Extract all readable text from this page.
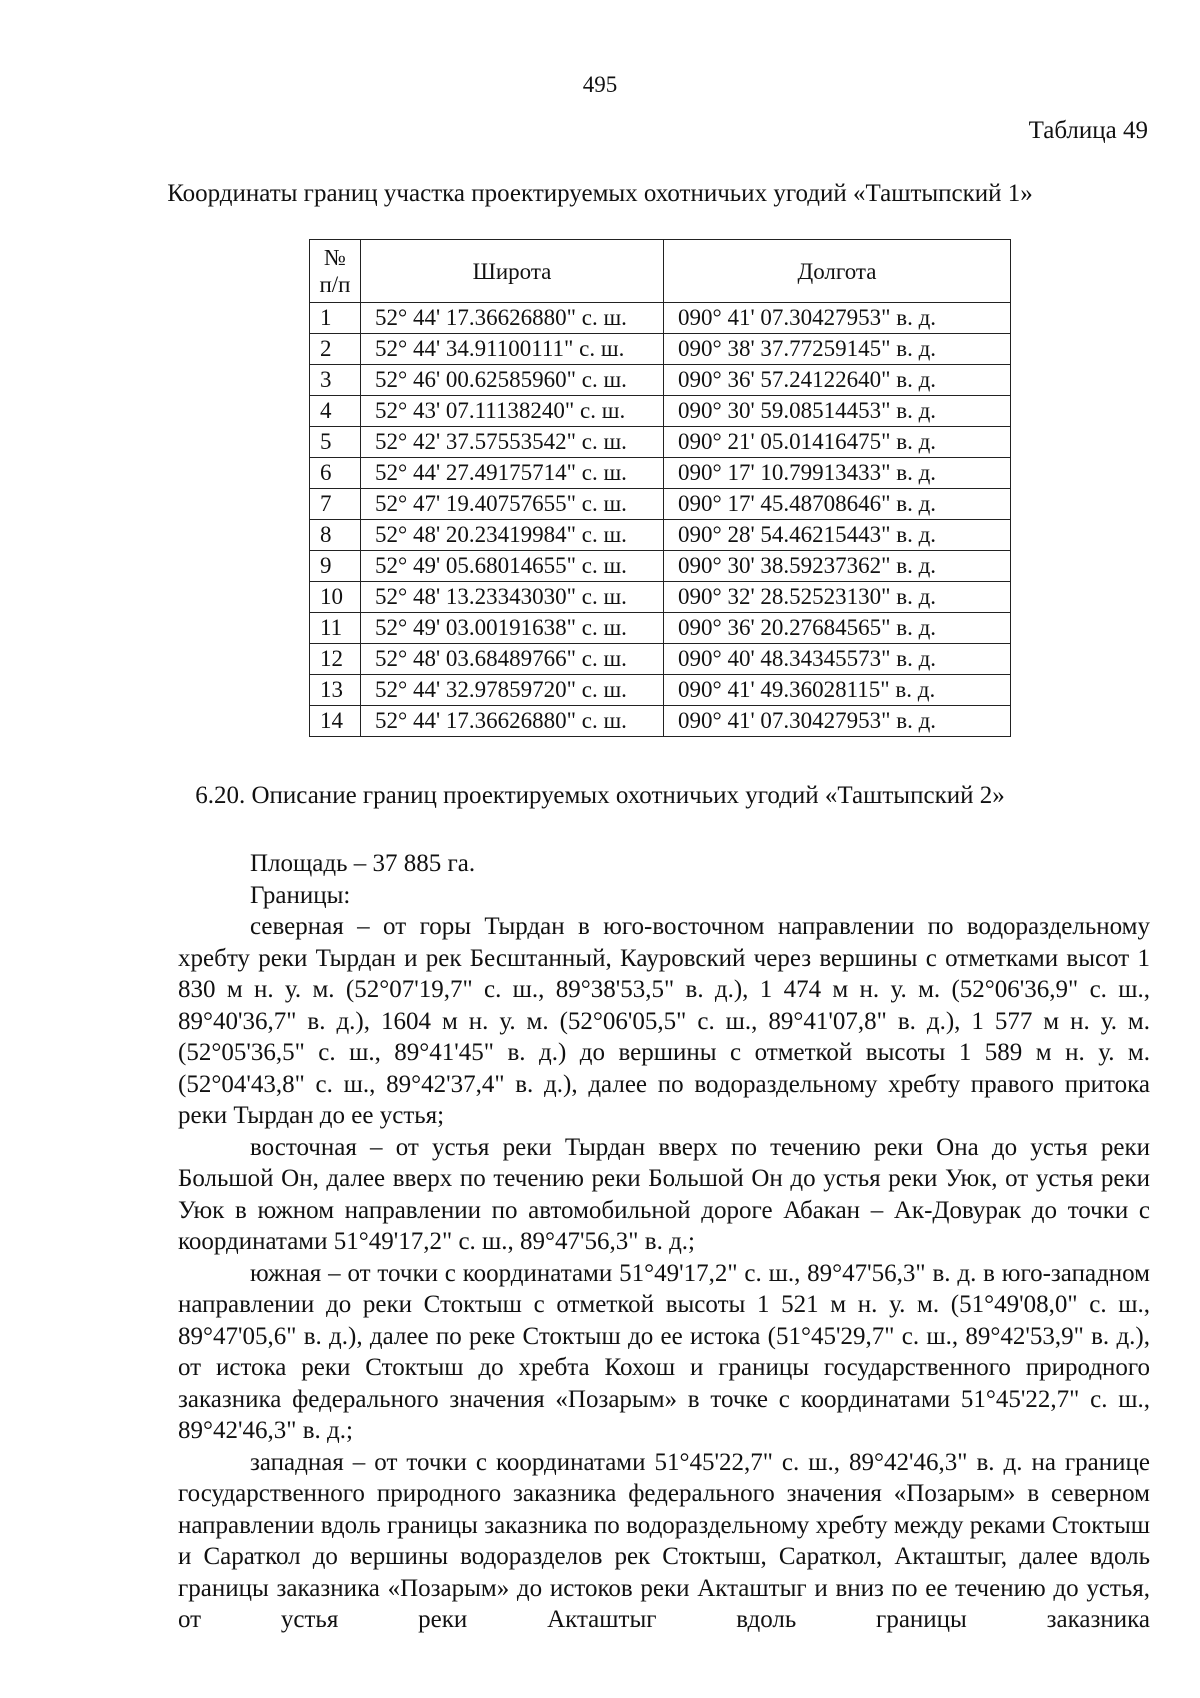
495
Таблица 49
Координаты границ участка проектируемых охотничьих угодий «Таштыпский 1»
№
п/п	Широта	Долгота
1	52° 44' 17.36626880" с. ш.	090° 41' 07.30427953" в. д.
2	52° 44' 34.91100111" с. ш.	090° 38' 37.77259145" в. д.
3	52° 46' 00.62585960" с. ш.	090° 36' 57.24122640" в. д.
4	52° 43' 07.11138240" с. ш.	090° 30' 59.08514453" в. д.
5	52° 42' 37.57553542" с. ш.	090° 21' 05.01416475" в. д.
6	52° 44' 27.49175714" с. ш.	090° 17' 10.79913433" в. д.
7	52° 47' 19.40757655" с. ш.	090° 17' 45.48708646" в. д.
8	52° 48' 20.23419984" с. ш.	090° 28' 54.46215443" в. д.
9	52° 49' 05.68014655" с. ш.	090° 30' 38.59237362" в. д.
10	52° 48' 13.23343030" с. ш.	090° 32' 28.52523130" в. д.
11	52° 49' 03.00191638" с. ш.	090° 36' 20.27684565" в. д.
12	52° 48' 03.68489766" с. ш.	090° 40' 48.34345573" в. д.
13	52° 44' 32.97859720" с. ш.	090° 41' 49.36028115" в. д.
14	52° 44' 17.36626880" с. ш.	090° 41' 07.30427953" в. д.
6.20. Описание границ проектируемых охотничьих угодий «Таштыпский 2»

Площадь – 37 885 га.

Границы:

северная – от горы Тырдан в юго-восточном направлении по водораздельному хребту реки Тырдан и рек Бесштанный, Кауровский через вершины с отметками высот 1 830 м н. у. м. (52°07'19,7" с. ш., 89°38'53,5" в. д.), 1 474 м н. у. м. (52°06'36,9" с. ш., 89°40'36,7" в. д.), 1604 м н. у. м. (52°06'05,5" с. ш., 89°41'07,8" в. д.), 1 577 м н. у. м. (52°05'36,5" с. ш., 89°41'45" в. д.) до вершины с отметкой высоты 1 589 м н. у. м. (52°04'43,8" с. ш., 89°42'37,4" в. д.), далее по водораздельному хребту правого притока реки Тырдан до ее устья;

восточная – от устья реки Тырдан вверх по течению реки Она до устья реки Большой Он, далее вверх по течению реки Большой Он до устья реки Уюк, от устья реки Уюк в южном направлении по автомобильной дороге Абакан – Ак-Довурак до точки с координатами 51°49'17,2" с. ш., 89°47'56,3" в. д.;

южная – от точки с координатами 51°49'17,2" с. ш., 89°47'56,3" в. д. в юго-западном направлении до реки Стоктыш с отметкой высоты 1 521 м н. у. м. (51°49'08,0" с. ш., 89°47'05,6" в. д.), далее по реке Стоктыш до ее истока (51°45'29,7" с. ш., 89°42'53,9" в. д.), от истока реки Стоктыш до хребта Кохош и границы государственного природного заказника федерального значения «Позарым» в точке с координатами 51°45'22,7" с. ш., 89°42'46,3" в. д.;

западная – от точки с координатами 51°45'22,7" с. ш., 89°42'46,3" в. д. на границе государственного природного заказника федерального значения «Позарым» в северном направлении вдоль границы заказника по водораздельному хребту между реками Стоктыш и Сараткол до вершины водоразделов рек Стоктыш, Сараткол, Акташтыг, далее вдоль границы заказника «Позарым» до истоков реки Акташтыг и вниз по ее течению до устья, от устья реки Акташтыг вдоль границы заказника
